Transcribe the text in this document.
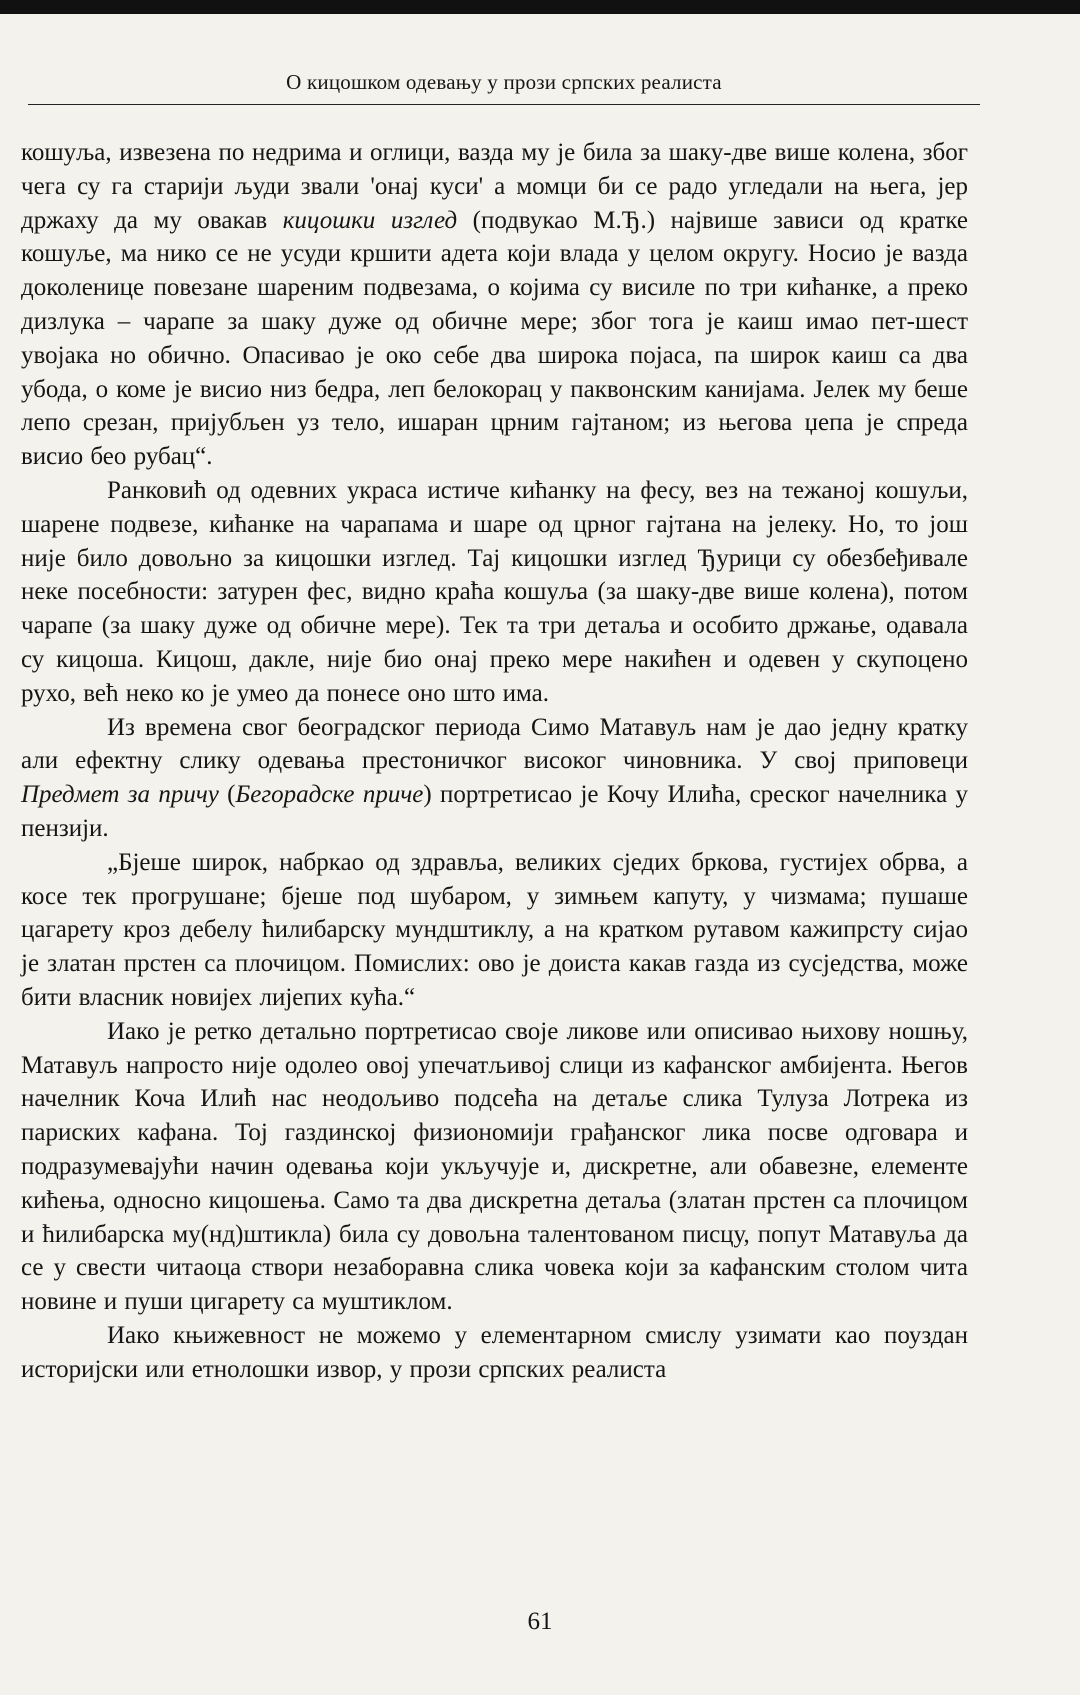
О кицошком одевању у прози српских реалиста

кошуља, извезена по недрима и оглици, вазда му је била за шаку-две више колена, због чега су га старији људи звали 'онај куси' а момци би се радо угледали на њега, јер држаху да му овакав кицошки изглед (подвукао М.Ђ.) највише зависи од кратке кошуље, ма нико се не усуди кршити адета који влада у целом округу. Носио је вазда доколенице повезане шареним подвезама, о којима су висиле по три кићанке, а преко дизлука – чарапе за шаку дуже од обичне мере; због тога је каиш имао пет-шест увојака но обично. Опасивао је око себе два широка појаса, па широк каиш са два убода, о коме је висио низ бедра, леп белокорац у паквонским канијама. Јелек му беше лепо срезан, пријубљен уз тело, ишаран црним гајтаном; из његова џепа је спреда висио бео рубац“.

Ранковић од одевних украса истиче кићанку на фесу, вез на тежаној кошуљи, шарене подвезе, кићанке на чарапама и шаре од црног гајтана на јелеку. Но, то још није било довољно за кицошки изглед. Тај кицошки изглед Ђурици су обезбеђивале неке посебности: затурен фес, видно краћа кошуља (за шаку-две више колена), потом чарапе (за шаку дуже од обичне мере). Тек та три детаља и особито држање, одавала су кицоша. Кицош, дакле, није био онај преко мере накићен и одевен у скупоцено рухо, већ неко ко је умео да понесе оно што има.

Из времена свог београдског периода Симо Матавуљ нам је дао једну кратку али ефектну слику одевања престоничког високог чиновника. У свој приповеци Предмет за причу (Бегорадске приче) портретисао је Кочу Илића, среског начелника у пензији.

„Бјеше широк, набркао од здравља, великих сједих бркова, густијех обрва, а косе тек прогрушане; бјеше под шубаром, у зимњем капуту, у чизмама; пушаше цагарету кроз дебелу ћилибарску мундштиклу, а на кратком рутавом кажипрсту сијао је златан прстен са плочицом. Помислих: ово је доиста какав газда из сусједства, може бити власник новијех лијепих кућа.“

Иако је ретко детально портретисао своје ликове или описивао њихову ношњу, Матавуљ напросто није одолео овој упечатљивој слици из кафанског амбијента. Његов начелник Кочa Илић нас неодољиво подсећа на детаље слика Тулуза Лотрека из париских кафана. Тој газдинској физиономији грађанског лика посве одговара и подразумевајући начин одевања који укључује и, дискретне, али обавезне, елементе кићења, односно кицошења. Само та два дискретна детаља (златан прстен са плочицом и ћилибарска му(нд)штикла) била су довољна талентованом писцу, попут Матавуља да се у свести читаоца створи незаборавна слика човека који за кафанским столом чита новине и пуши цигарету са муштиклом.

Иако књижевност не можемо у елементарном смислу узимати као поуздан историјски или етнолошки извор, у прози српских реалиста

61
